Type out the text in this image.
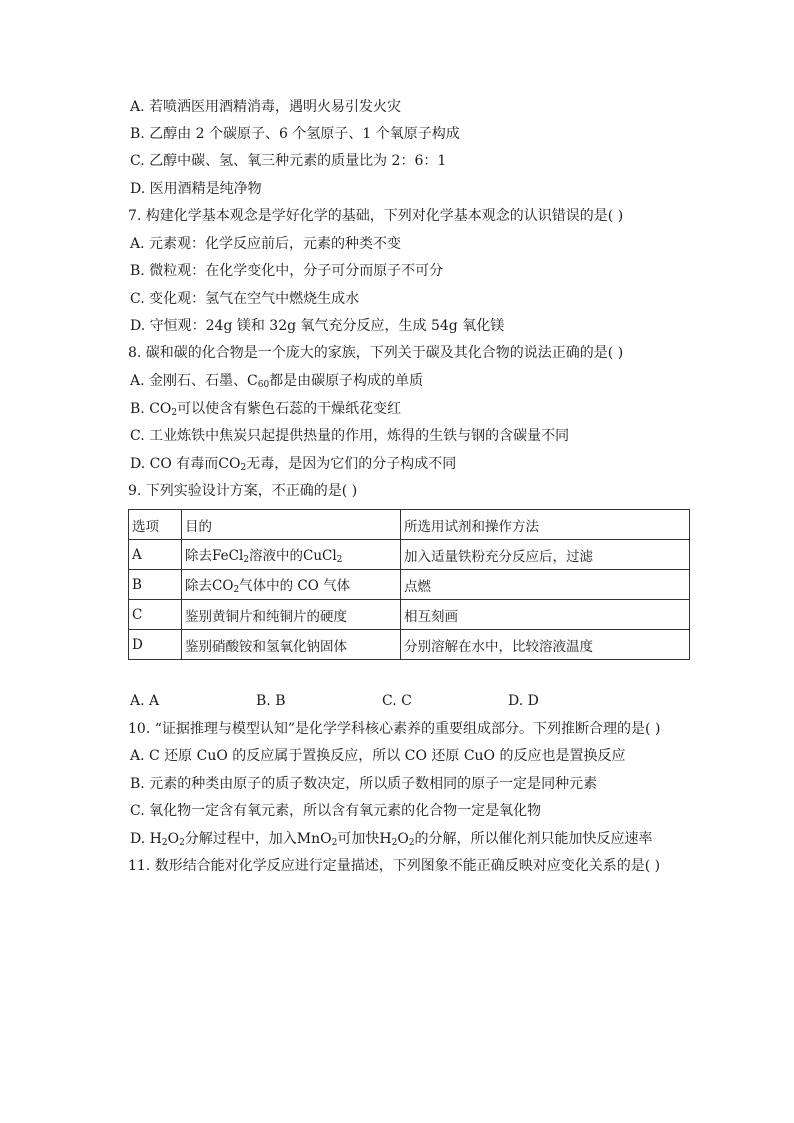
A. 若喷洒医用酒精消毒，遇明火易引发火灾
B. 乙醇由 2 个碳原子、6 个氢原子、1 个氧原子构成
C. 乙醇中碳、氢、氧三种元素的质量比为 2：6：1
D. 医用酒精是纯净物
7. 构建化学基本观念是学好化学的基础，下列对化学基本观念的认识错误的是( )
A. 元素观：化学反应前后，元素的种类不变
B. 微粒观：在化学变化中，分子可分而原子不可分
C. 变化观：氢气在空气中燃烧生成水
D. 守恒观：24g 镁和 32g 氧气充分反应，生成 54g 氧化镁
8. 碳和碳的化合物是一个庞大的家族，下列关于碳及其化合物的说法正确的是( )
A. 金刚石、石墨、$C_{60}$都是由碳原子构成的单质
B. $CO_2$可以使含有紫色石蕊的干燥纸花变红
C. 工业炼铁中焦炭只起提供热量的作用，炼得的生铁与钢的含碳量不同
D. CO 有毒而$CO_2$无毒，是因为它们的分子构成不同
9. 下列实验设计方案，不正确的是( )
选项	目的	所选用试剂和操作方法
A	除去FeCl$_2$溶液中的CuCl$_2$	加入适量铁粉充分反应后，过滤
B	除去$CO_2$气体中的 CO 气体	点燃
C	鉴别黄铜片和纯铜片的硬度	相互刻画
D	鉴别硝酸铵和氢氧化钠固体	分别溶解在水中，比较溶液温度
A. A	B. B	C. C	D. D
10. “证据推理与模型认知”是化学学科核心素养的重要组成部分。下列推断合理的是( )
A. C 还原 CuO 的反应属于置换反应，所以 CO 还原 CuO 的反应也是置换反应
B. 元素的种类由原子的质子数决定，所以质子数相同的原子一定是同种元素
C. 氧化物一定含有氧元素，所以含有氧元素的化合物一定是氧化物
D. $H_2O_2$分解过程中，加入MnO$_2$可加快$H_2O_2$的分解，所以催化剂只能加快反应速率
11. 数形结合能对化学反应进行定量描述，下列图象不能正确反映对应变化关系的是( )
